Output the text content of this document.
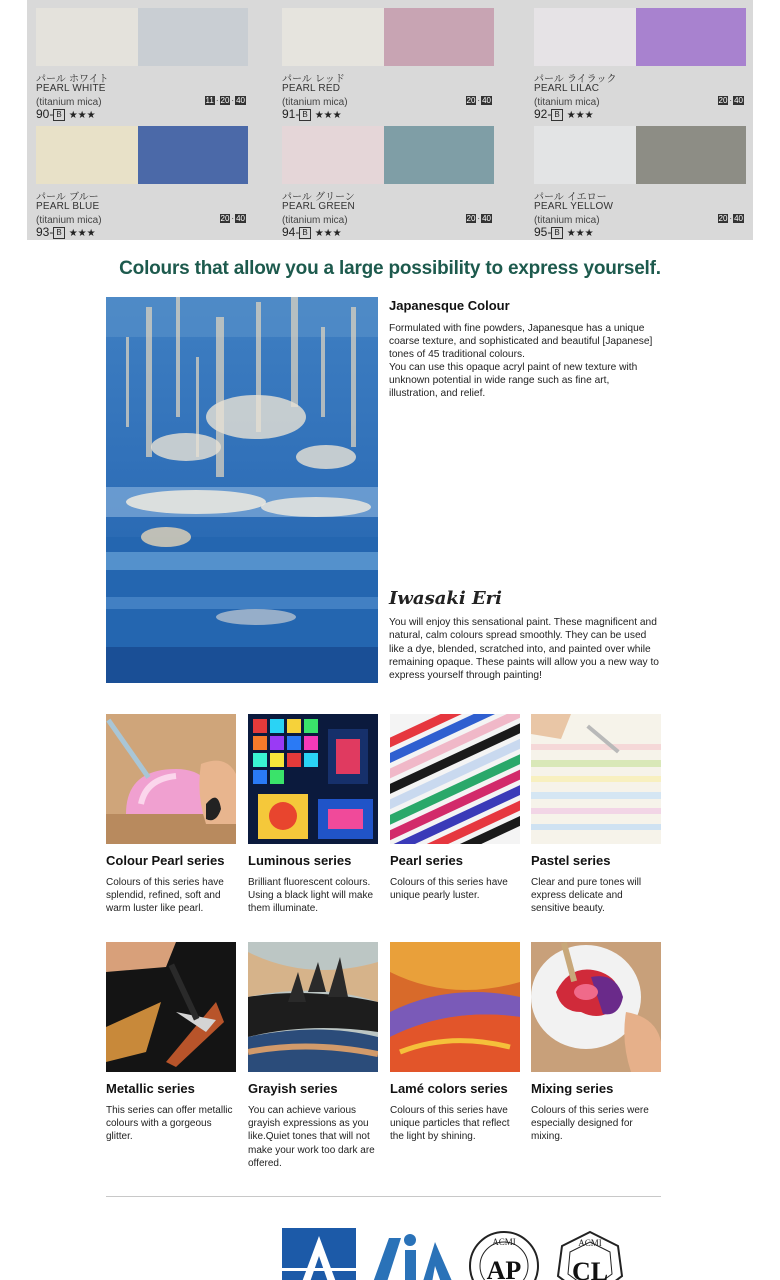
パール ホワイト
PEARL WHITE
(titanium mica)
90- B ★★★
11 · 20 · 40
パール レッド
PEARL RED
(titanium mica)
91- B ★★★
20 · 40
パール ライラック
PEARL LILAC
(titanium mica)
92- B ★★★
20 · 40
パール ブルー
PEARL BLUE
(titanium mica)
93- B ★★★
20 · 40
パール グリーン
PEARL GREEN
(titanium mica)
94- B ★★★
20 · 40
パール イエロー
PEARL YELLOW
(titanium mica)
95- B ★★★
20 · 40
Colours that allow you a large possibility to express yourself.
Japanesque Colour
Formulated with fine powders, Japanesque has a unique coarse texture, and sophisticated and beautiful [Japanese] tones of 45 traditional colours.
You can use this opaque acryl paint of new texture with unknown potential in wide range such as fine art, illustration, and relief.
Iwasaki Eri
You will enjoy this sensational paint. These magnificent and natural, calm colours spread smoothly. They can be used like a dye, blended, scratched into, and painted over while remaining opaque. These paints will allow you a new way to express yourself through painting!
Colour Pearl series

Colours of this series have splendid, refined, soft and warm luster like pearl.

Luminous series

Brilliant fluorescent colours. Using a black light will make them illuminate.

Pearl series

Colours of this series have unique pearly luster.

Pastel series

Clear and pure tones will express delicate and sensitive beauty.

Metallic series

This series can offer metallic colours with a gorgeous glitter.

Grayish series

You can achieve various grayish expressions as you like.Quiet tones that will not make your work too dark are offered.

Lamé colors series

Colours of this series have unique particles that reflect the light by shining.

Mixing series

Colours of this series were especially designed for mixing.

ACMI
AP
ACMI
CL
